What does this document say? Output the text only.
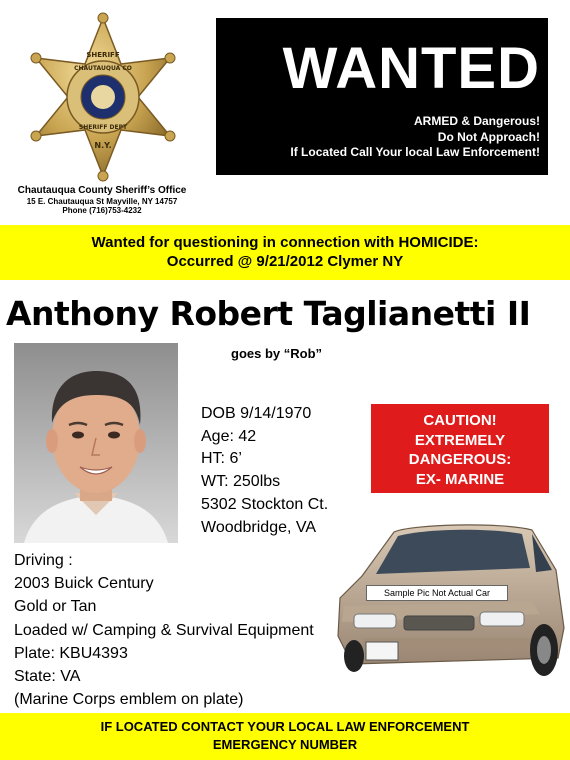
SHERIFF
CHAUTAUQUA CO
SHERIFF DEPT
N.Y.
Chautauqua County Sheriff’s Office
15 E. Chautauqua St Mayville, NY 14757
Phone (716)753-4232
WANTED
ARMED & Dangerous!
Do Not Approach!
If Located Call Your local Law Enforcement!
Wanted for questioning in connection with HOMICIDE:
Occurred @ 9/21/2012 Clymer NY
Anthony Robert Taglianetti II
goes by “Rob”
DOB 9/14/1970
Age: 42
HT: 6’
WT: 250lbs
5302 Stockton Ct.
Woodbridge, VA
CAUTION!
EXTREMELY
DANGEROUS:
EX- MARINE
Sample Pic Not Actual Car
Driving :
2003 Buick Century
Gold or Tan
Loaded w/ Camping & Survival Equipment
Plate: KBU4393
State: VA
(Marine Corps emblem on plate)
IF LOCATED CONTACT YOUR LOCAL LAW ENFORCEMENT
EMERGENCY NUMBER
